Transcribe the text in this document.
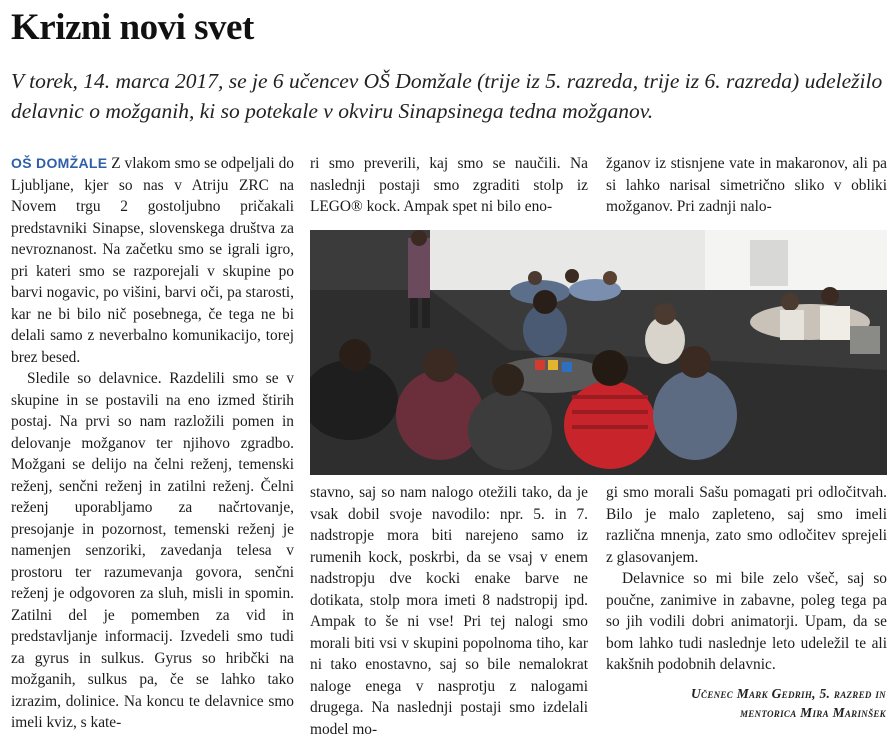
Krizni novi svet

V torek, 14. marca 2017, se je 6 učencev OŠ Domžale (trije iz 5. razreda, trije iz 6. razreda) udeležilo delavnic o možganih, ki so potekale v okviru Sinapsinega tedna možganov.

OŠ DOMŽALE Z vlakom smo se odpeljali do Ljubljane, kjer so nas v Atriju ZRC na Novem trgu 2 gostoljubno pričakali predstavniki Sinapse, slovenskega društva za nevroznanost. Na začetku smo se igrali igro, pri kateri smo se razporejali v skupine po barvi nogavic, po višini, barvi oči, pa starosti, kar ne bi bilo nič posebnega, če tega ne bi delali samo z neverbalno komunikacijo, torej brez besed.

Sledile so delavnice. Razdelili smo se v skupine in se postavili na eno izmed štirih postaj. Na prvi so nam razložili pomen in delovanje možganov ter njihovo zgradbo. Možgani se delijo na čelni reženj, temenski reženj, senčni reženj in zatilni reženj. Čelni reženj uporabljamo za načrtovanje, presojanje in pozornost, temenski reženj je namenjen senzoriki, zavedanja telesa v prostoru ter razumevanja govora, senčni reženj je odgovoren za sluh, misli in spomin. Zatilni del je pomemben za vid in predstavljanje informacij. Izvedeli smo tudi za gyrus in sulkus. Gyrus so hribčki na možganih, sulkus pa, če se lahko tako izrazim, dolinice. Na koncu te delavnice smo imeli kviz, s kate-

ri smo preverili, kaj smo se naučili. Na naslednji postaji smo zgraditi stolp iz LEGO® kock. Ampak spet ni bilo eno-

žganov iz stisnjene vate in makaronov, ali pa si lahko narisal simetrično sliko v obliki možganov. Pri zadnji nalo-

stavno, saj so nam nalogo otežili tako, da je vsak dobil svoje navodilo: npr. 5. in 7. nadstropje mora biti narejeno samo iz rumenih kock, poskrbi, da se vsaj v enem nadstropju dve kocki enake barve ne dotikata, stolp mora imeti 8 nadstropij ipd. Ampak to še ni vse! Pri tej nalogi smo morali biti vsi v skupini popolnoma tiho, kar ni tako enostavno, saj so bile nemalokrat naloge enega v nasprotju z nalogami drugega. Na naslednji postaji smo izdelali model mo-

gi smo morali Sašu pomagati pri odločitvah. Bilo je malo zapleteno, saj smo imeli različna mnenja, zato smo odločitev sprejeli z glasovanjem.

Delavnice so mi bile zelo všeč, saj so poučne, zanimive in zabavne, poleg tega pa so jih vodili dobri animatorji. Upam, da se bom lahko tudi naslednje leto udeležil te ali kakšnih podobnih delavnic.

Učenec Mark Gedrih, 5. razred in
mentorica Mira Marinšek
